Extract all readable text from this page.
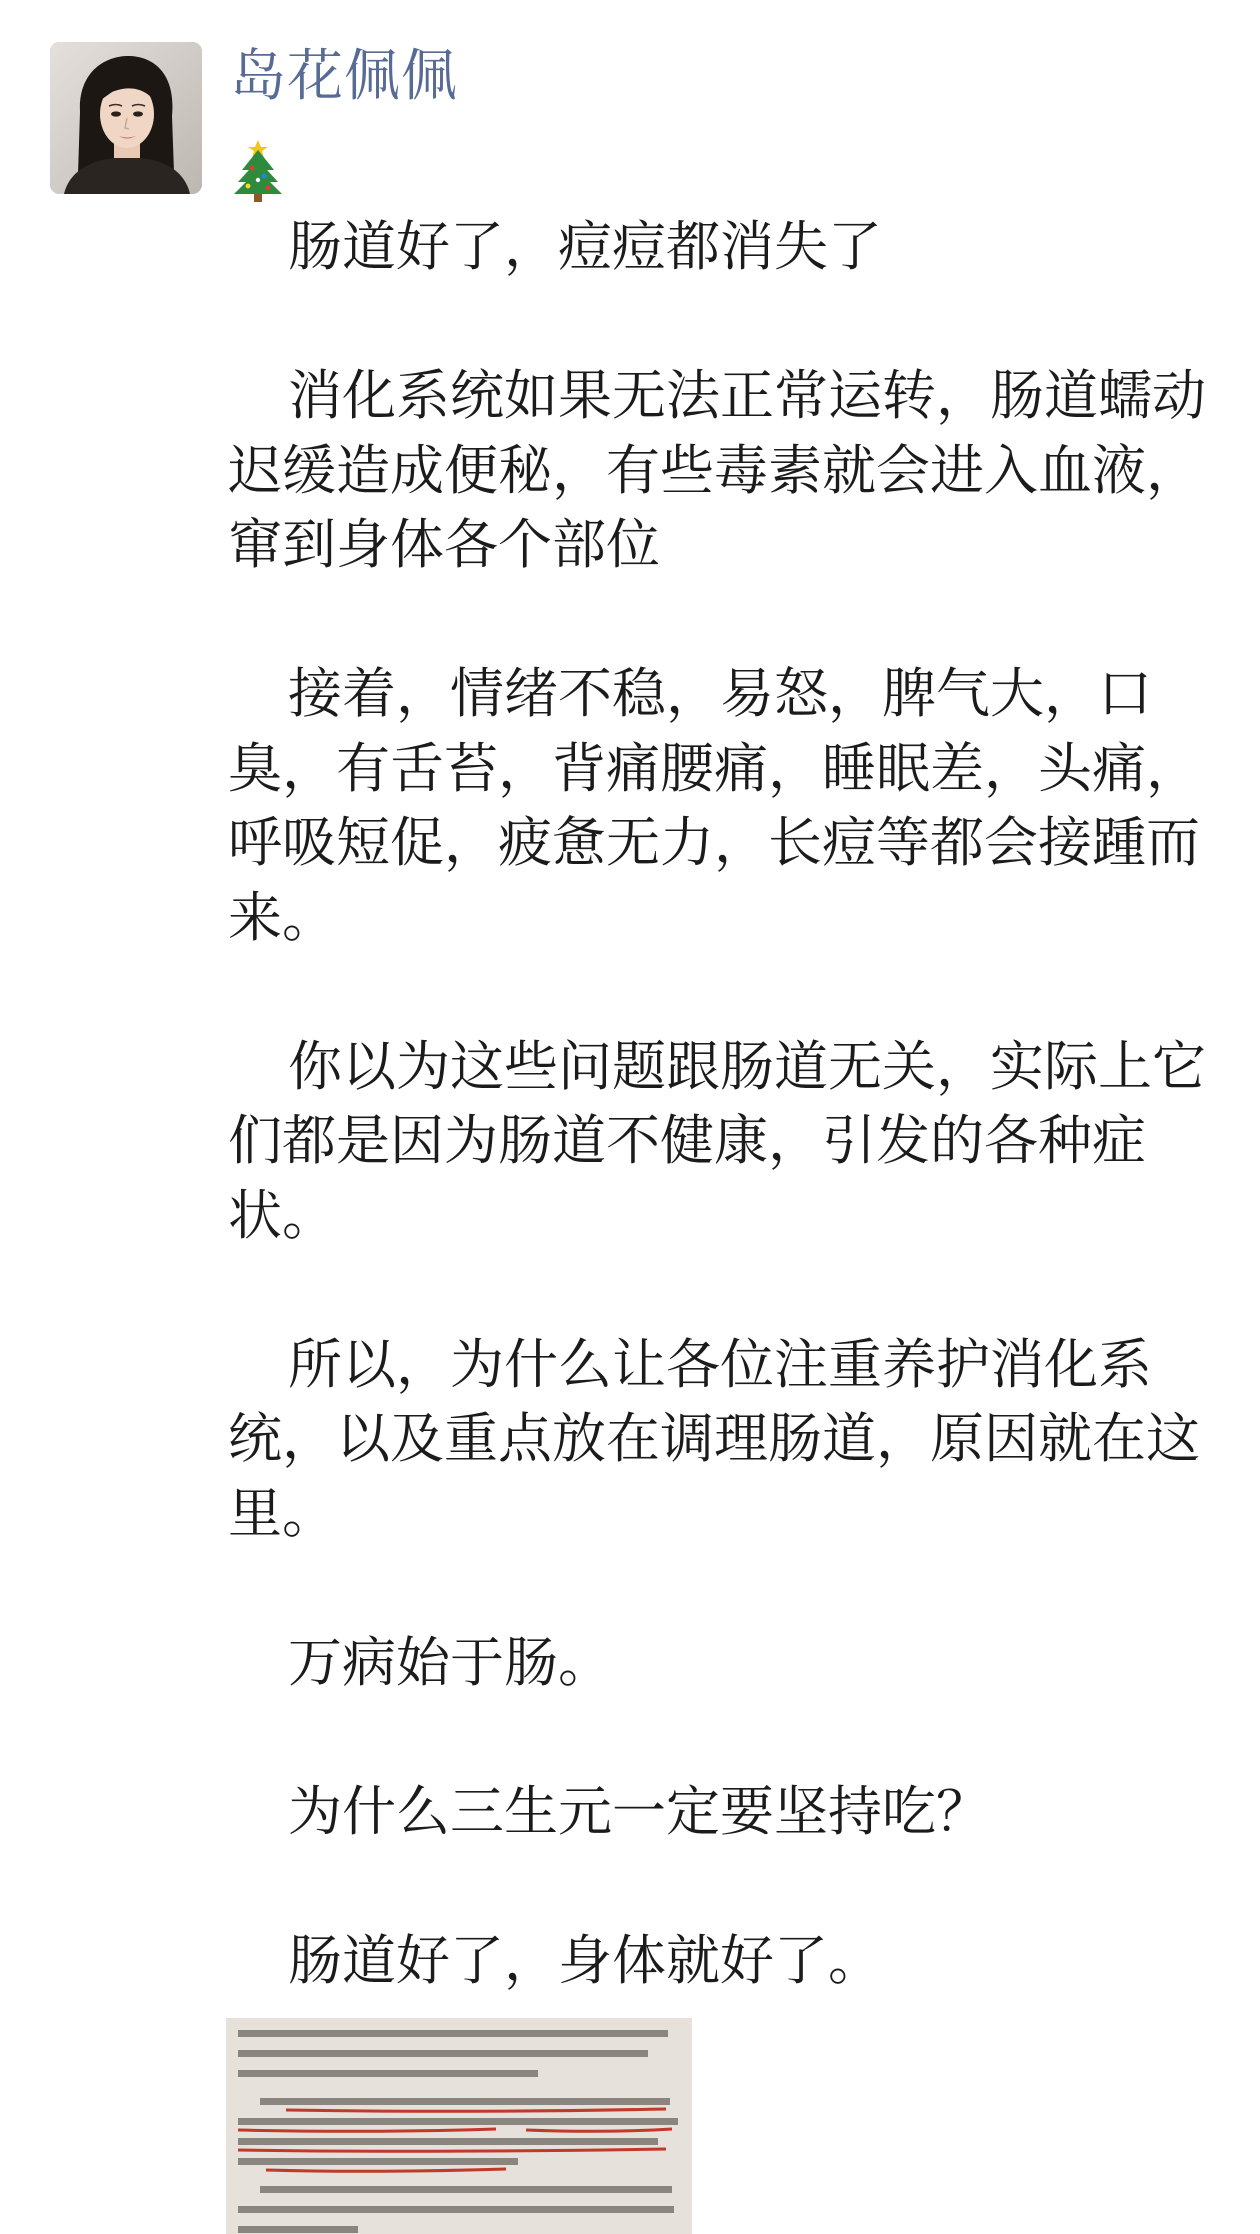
岛花佩佩

肠道好了，痘痘都消失了

消化系统如果无法正常运转，肠道蠕动迟缓造成便秘，有些毒素就会进入血液，窜到身体各个部位

接着，情绪不稳，易怒，脾气大，口臭，有舌苔，背痛腰痛，睡眠差，头痛，呼吸短促，疲惫无力，长痘等都会接踵而来。

你以为这些问题跟肠道无关，实际上它们都是因为肠道不健康，引发的各种症状。

所以，为什么让各位注重养护消化系统，以及重点放在调理肠道，原因就在这里。

万病始于肠。

为什么三生元一定要坚持吃？

肠道好了，身体就好了。
